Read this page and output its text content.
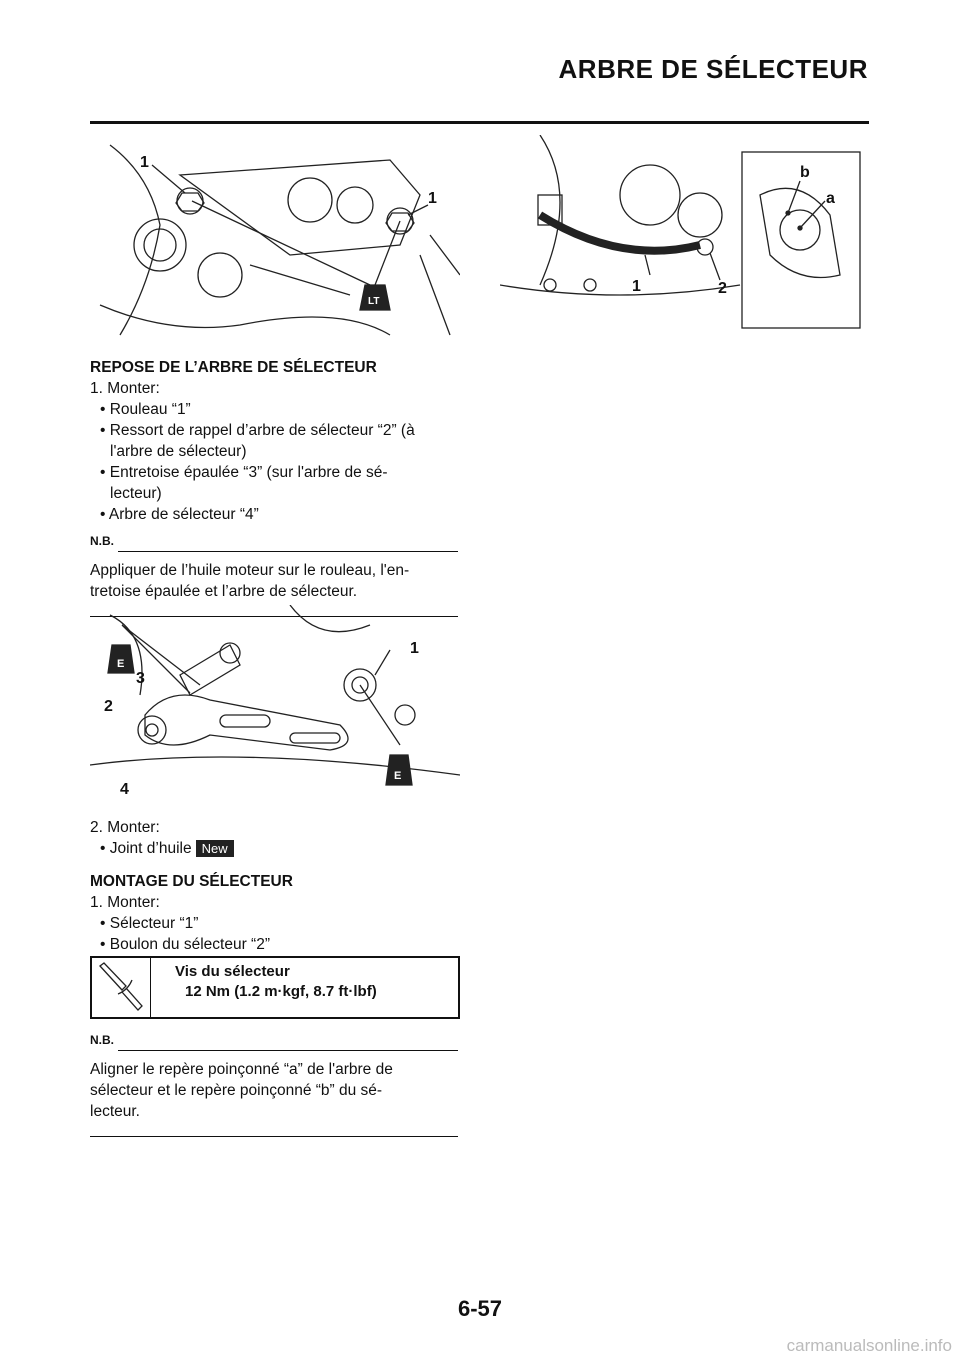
ARBRE DE SÉLECTEUR
LT
1
1
1	2
a
b
REPOSE DE L’ARBRE DE SÉLECTEUR
1. Monter:
• Rouleau “1”
• Ressort de rappel d’arbre de sélecteur “2” (à
l'arbre de sélecteur)
• Entretoise épaulée “3” (sur l'arbre de sé-
lecteur)
• Arbre de sélecteur “4”
N.B.
Appliquer de l’huile moteur sur le rouleau, l'en-
tretoise épaulée et l’arbre de sélecteur.
E
E
1
2
3
4
2. Monter:
• Joint d’huile New
MONTAGE DU SÉLECTEUR
1. Monter:
• Sélecteur “1”
• Boulon du sélecteur “2”
Vis du sélecteur
12 Nm (1.2 m·kgf, 8.7 ft·lbf)
N.B.
Aligner le repère poinçonné “a” de l'arbre de
sélecteur et le repère poinçonné “b” du sé-
lecteur.
6-57
carmanualsonline.info
